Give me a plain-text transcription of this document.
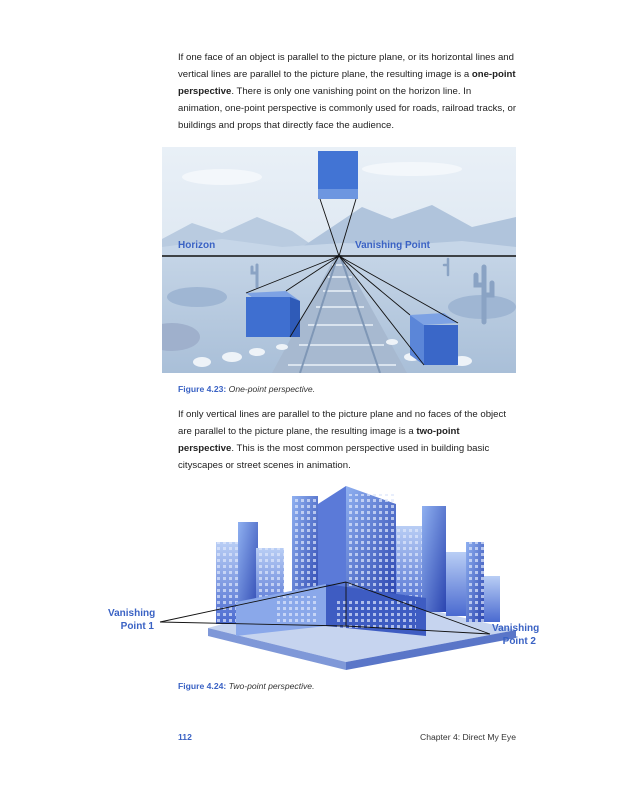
If one face of an object is parallel to the picture plane, or its horizontal lines and vertical lines are parallel to the picture plane, the resulting image is a one-point perspective. There is only one vanishing point on the horizon line. In animation, one-point perspective is commonly used for roads, railroad tracks, or buildings and props that directly face the audience.

Horizon	Vanishing Point

Figure 4.23: One-point perspective.

If only vertical lines are parallel to the picture plane and no faces of the object are parallel to the picture plane, the resulting image is a two-point perspective. This is the most common perspective used in building basic cityscapes or street scenes in animation.

Vanishing Point 1	Vanishing Point 2

Figure 4.24: Two-point perspective.

112	Chapter 4: Direct My Eye
